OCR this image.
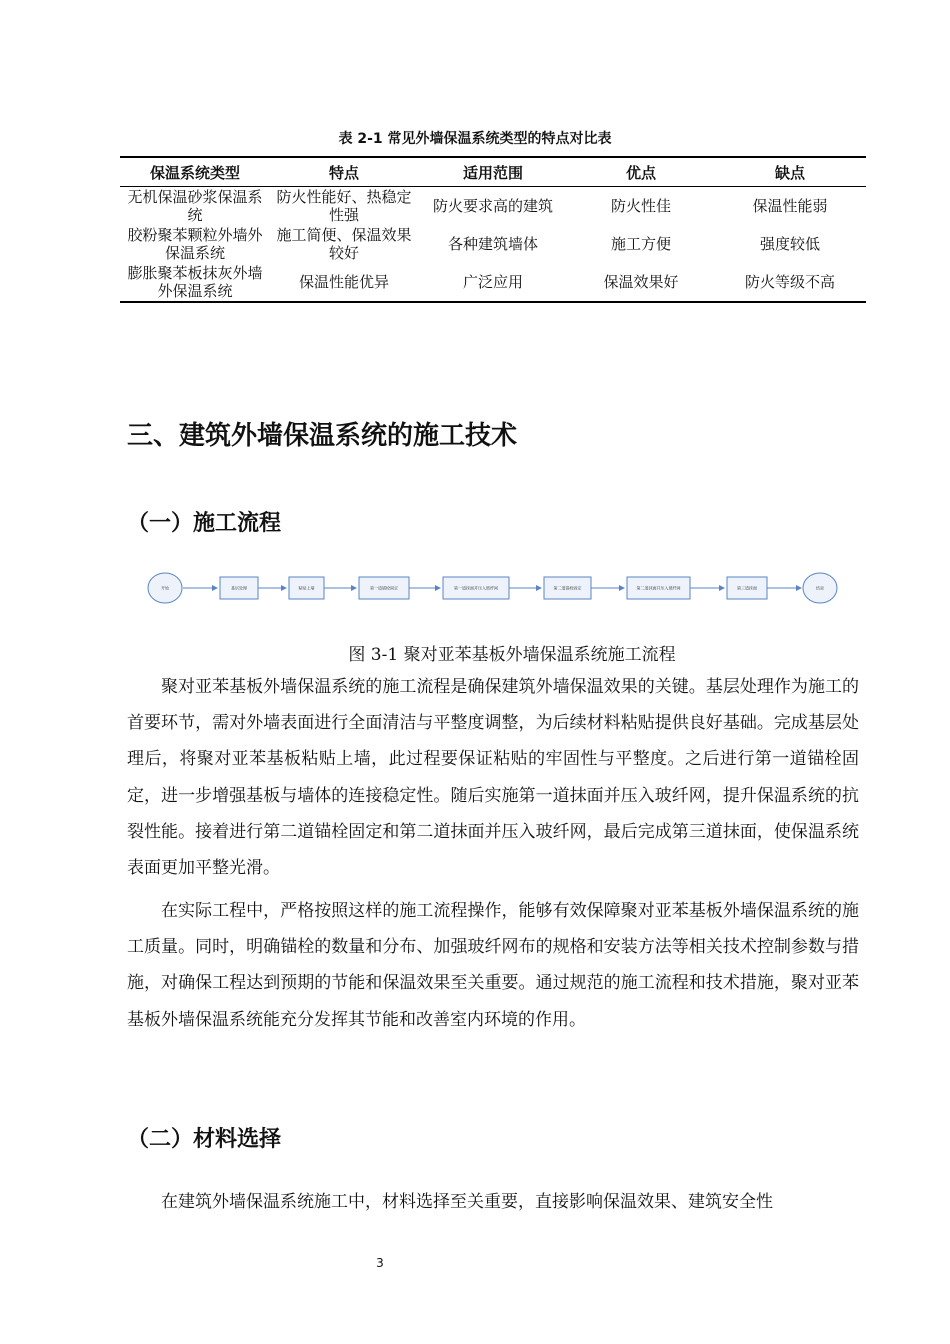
表 2-1 常见外墙保温系统类型的特点对比表
保温系统类型	特点	适用范围	优点	缺点
无机保温砂浆保温系统	防火性能好、热稳定性强	防火要求高的建筑	防火性佳	保温性能弱
胶粉聚苯颗粒外墙外保温系统	施工简便、保温效果较好	各种建筑墙体	施工方便	强度较低
膨胀聚苯板抹灰外墙外保温系统	保温性能优异	广泛应用	保温效果好	防火等级不高
三、建筑外墙保温系统的施工技术
（一）施工流程
开始	基层处理	粘贴上墙	第一道锚栓固定	第一道抹面并压入玻纤网	第二道锚栓固定	第二道抹面并压入玻纤网	第三道抹面	结束
图 3-1 聚对亚苯基板外墙保温系统施工流程

聚对亚苯基板外墙保温系统的施工流程是确保建筑外墙保温效果的关键。基层处理作为施工的首要环节，需对外墙表面进行全面清洁与平整度调整，为后续材料粘贴提供良好基础。完成基层处理后，将聚对亚苯基板粘贴上墙，此过程要保证粘贴的牢固性与平整度。之后进行第一道锚栓固定，进一步增强基板与墙体的连接稳定性。随后实施第一道抹面并压入玻纤网，提升保温系统的抗裂性能。接着进行第二道锚栓固定和第二道抹面并压入玻纤网，最后完成第三道抹面，使保温系统表面更加平整光滑。

在实际工程中，严格按照这样的施工流程操作，能够有效保障聚对亚苯基板外墙保温系统的施工质量。同时，明确锚栓的数量和分布、加强玻纤网布的规格和安装方法等相关技术控制参数与措施，对确保工程达到预期的节能和保温效果至关重要。通过规范的施工流程和技术措施，聚对亚苯基板外墙保温系统能充分发挥其节能和改善室内环境的作用。

（二）材料选择

在建筑外墙保温系统施工中，材料选择至关重要，直接影响保温效果、建筑安全性

3
